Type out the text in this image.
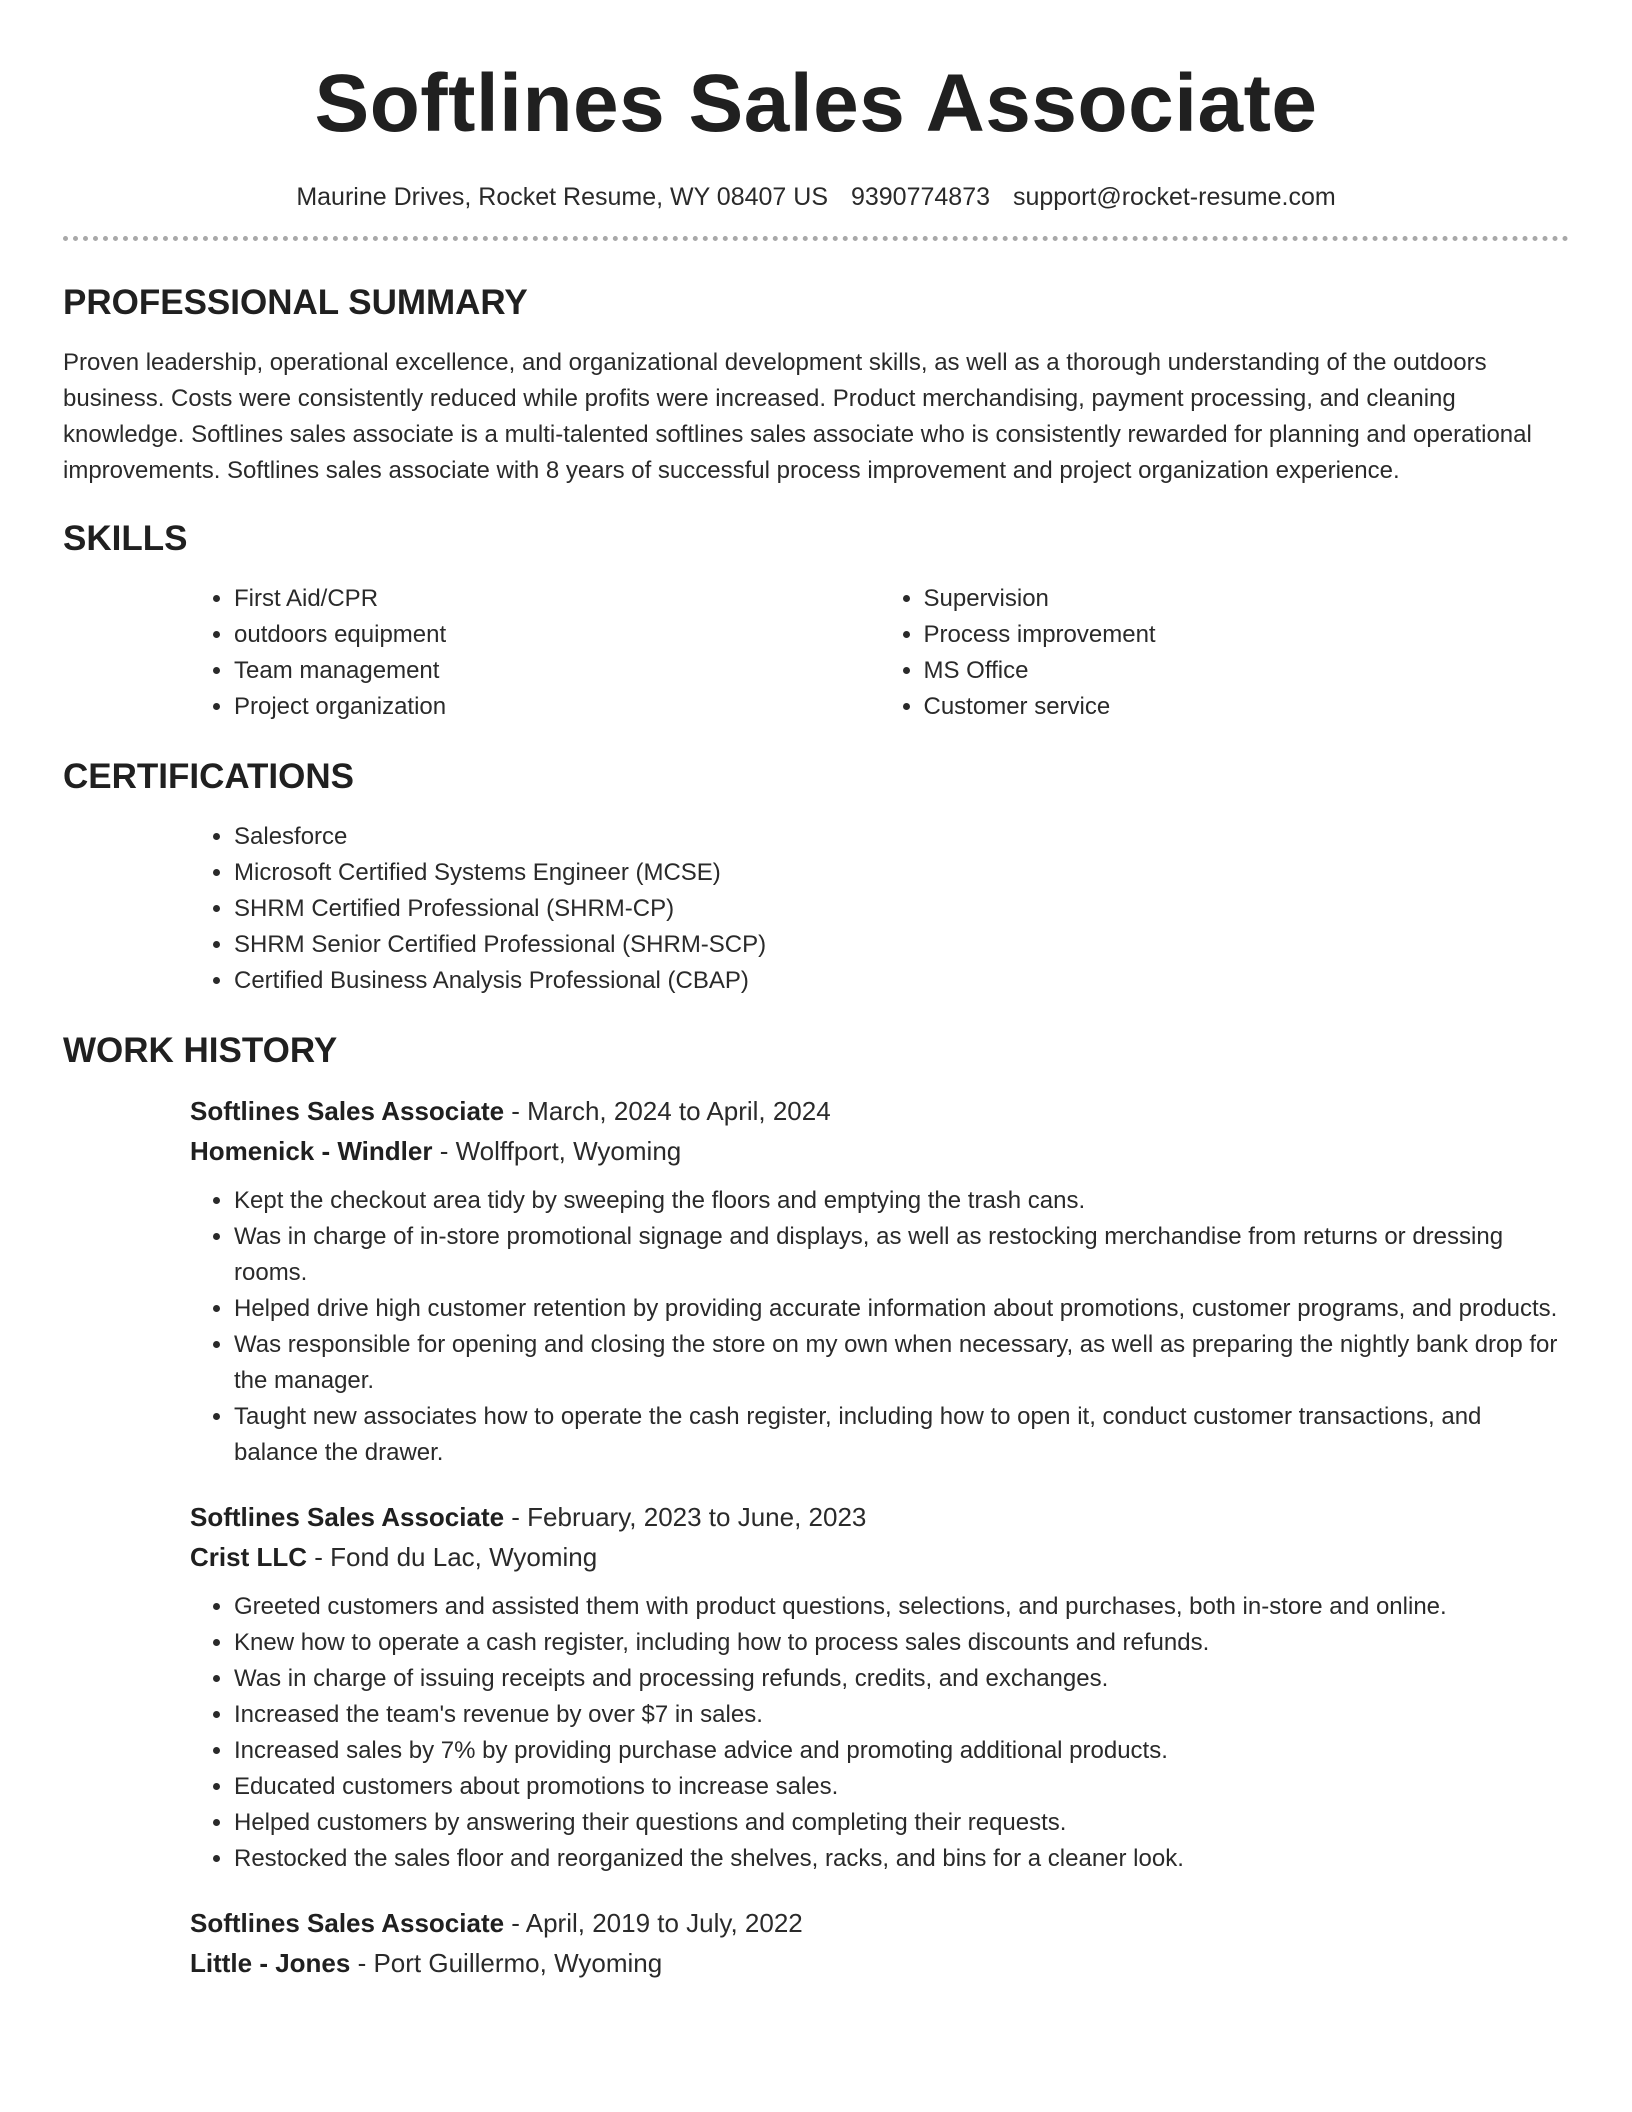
Softlines Sales Associate
Maurine Drives, Rocket Resume, WY 08407 US 9390774873 support@rocket-resume.com
PROFESSIONAL SUMMARY

Proven leadership, operational excellence, and organizational development skills, as well as a thorough understanding of the outdoors business. Costs were consistently reduced while profits were increased. Product merchandising, payment processing, and cleaning knowledge. Softlines sales associate is a multi-talented softlines sales associate who is consistently rewarded for planning and operational improvements. Softlines sales associate with 8 years of successful process improvement and project organization experience.

SKILLS
• First Aid/CPR
• outdoors equipment
• Team management
• Project organization
• Supervision
• Process improvement
• MS Office
• Customer service
CERTIFICATIONS
• Salesforce
• Microsoft Certified Systems Engineer (MCSE)
• SHRM Certified Professional (SHRM-CP)
• SHRM Senior Certified Professional (SHRM-SCP)
• Certified Business Analysis Professional (CBAP)
WORK HISTORY

Softlines Sales Associate - March, 2024 to April, 2024

Homenick - Windler - Wolffport, Wyoming

• Kept the checkout area tidy by sweeping the floors and emptying the trash cans.
• Was in charge of in-store promotional signage and displays, as well as restocking merchandise from returns or dressing rooms.
• Helped drive high customer retention by providing accurate information about promotions, customer programs, and products.
• Was responsible for opening and closing the store on my own when necessary, as well as preparing the nightly bank drop for the manager.
• Taught new associates how to operate the cash register, including how to open it, conduct customer transactions, and balance the drawer.

Softlines Sales Associate - February, 2023 to June, 2023

Crist LLC - Fond du Lac, Wyoming

• Greeted customers and assisted them with product questions, selections, and purchases, both in-store and online.
• Knew how to operate a cash register, including how to process sales discounts and refunds.
• Was in charge of issuing receipts and processing refunds, credits, and exchanges.
• Increased the team's revenue by over $7 in sales.
• Increased sales by 7% by providing purchase advice and promoting additional products.
• Educated customers about promotions to increase sales.
• Helped customers by answering their questions and completing their requests.
• Restocked the sales floor and reorganized the shelves, racks, and bins for a cleaner look.

Softlines Sales Associate - April, 2019 to July, 2022

Little - Jones - Port Guillermo, Wyoming
